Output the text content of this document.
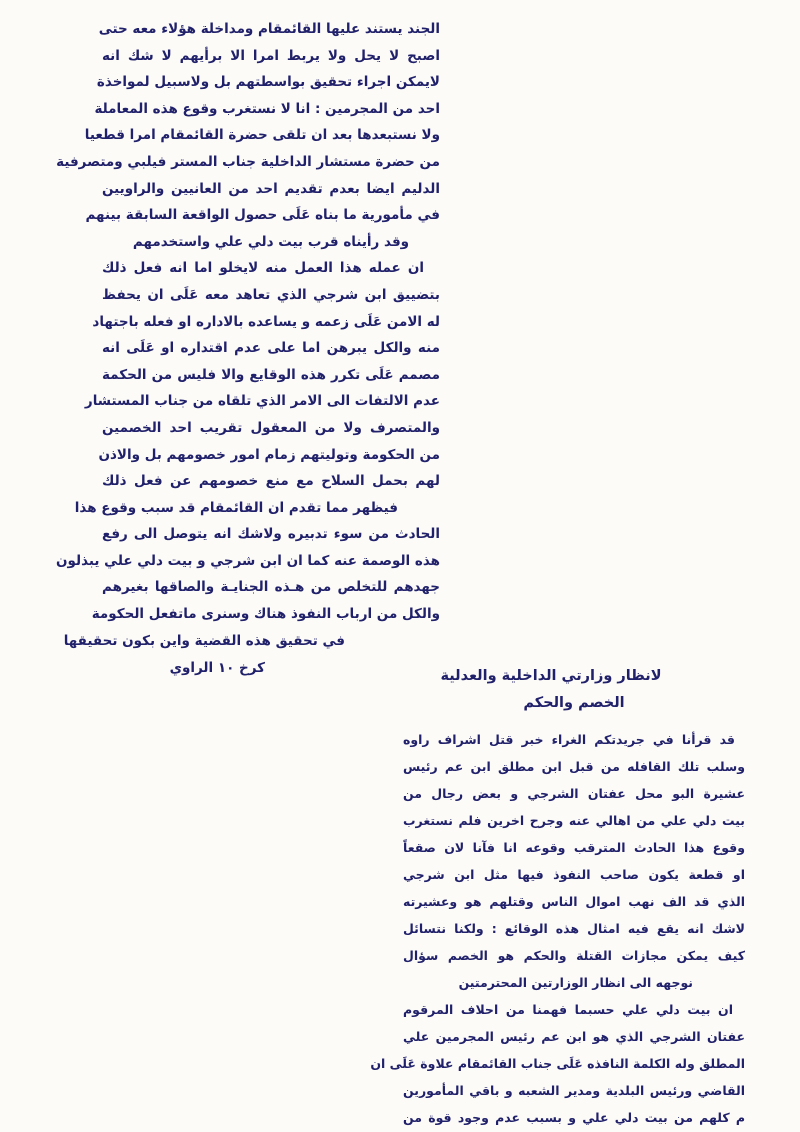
الجند يستند عليها القائمقام ومداخلة هؤلاء معه حتى
اصبح لا يحل ولا يربط امرا الا برأيهم لا شك انه
لايمكن اجراء تحقيق بواسطتهم بل ولاسبيل لمواخذة
احد من المجرمين : انا لا نستغرب وقوع هذه المعاملة
ولا نستبعدها بعد ان تلقى حضرة القائمقام امرا قطعيا
من حضرة مستشار الداخلية جناب المستر فيلبي ومتصرفية
الدليم ايضا بعدم تقديم احد من العانيين والراويين
في مأمورية ما بناه عَلَى حصول الواقعة السابقة بينهم
وقد رأيناه قرب بيت دلي علي واستخدمهم
ان عمله هذا العمل منه لايخلو اما انه فعل ذلك
بتضييق ابن شرجي الذي تعاهد معه عَلَى ان يحفظ
له الامن عَلَى زعمه و يساعده بالاداره او فعله باجتهاد
منه والكل يبرهن اما على عدم اقتداره او عَلَى انه
مصمم عَلَى تكرر هذه الوقايع والا فليس من الحكمة
عدم الالتفات الى الامر الذي تلقاه من جناب المستشار
والمتصرف ولا من المعقول تقريب احد الخصمين
من الحكومة وتوليتهم زمام امور خصومهم بل والاذن
لهم بحمل السلاح مع منع خصومهم عن فعل ذلك
فيظهر مما تقدم ان القائمقام قد سبب وقوع هذا
الحادث من سوء تدبيره ولاشك انه يتوصل الى رفع
هذه الوصمة عنه كما ان ابن شرجي و بيت دلي علي يبذلون
جهدهم للتخلص من هـذه الجنايـة والصاقها بغيرهم
والكل من ارباب النفوذ هناك وسنرى ماتفعل الحكومة
في تحقيق هذه القضية واين بكون تحقيقها
كرخ ١٠ الراوي	لانظار وزارتي الداخلية والعدلية
الخصم والحكم
قد قرأنا في جريدتكم الغراء خبر قتل اشراف راوه
وسلب تلك القافله من قبل ابن مطلق ابن عم رئيس
عشيرة البو محل عفتان الشرجي و بعض رجال من
بيت دلي علي من اهالي عنه وجرح اخرين فلم نستغرب
وقوع هذا الحادث المترقب وقوعه انا فآنا لان صقعاً
او قطعة يكون صاحب النفوذ فيها مثل ابن شرجي
الذي قد الف نهب اموال الناس وقتلهم هو وعشيرته
لاشك انه يقع فيه امثال هذه الوقائع : ولكنا نتسائل
كيف يمكن مجازات القتلة والحكم هو الخصم سؤال
نوجهه الى انظار الوزارتين المحترمتين
ان بيت دلي علي حسبما فهمنا من احلاف المرقوم
عفتان الشرجي الذي هو ابن عم رئيس المجرمين علي
المطلق وله الكلمة النافذه عَلَى جناب القائمقام علاوة عَلَى ان
القاضي ورئيس البلدية ومدير الشعبه و باقي المأمورين
م كلهم من بيت دلي علي و بسبب عدم وجود قوة من
